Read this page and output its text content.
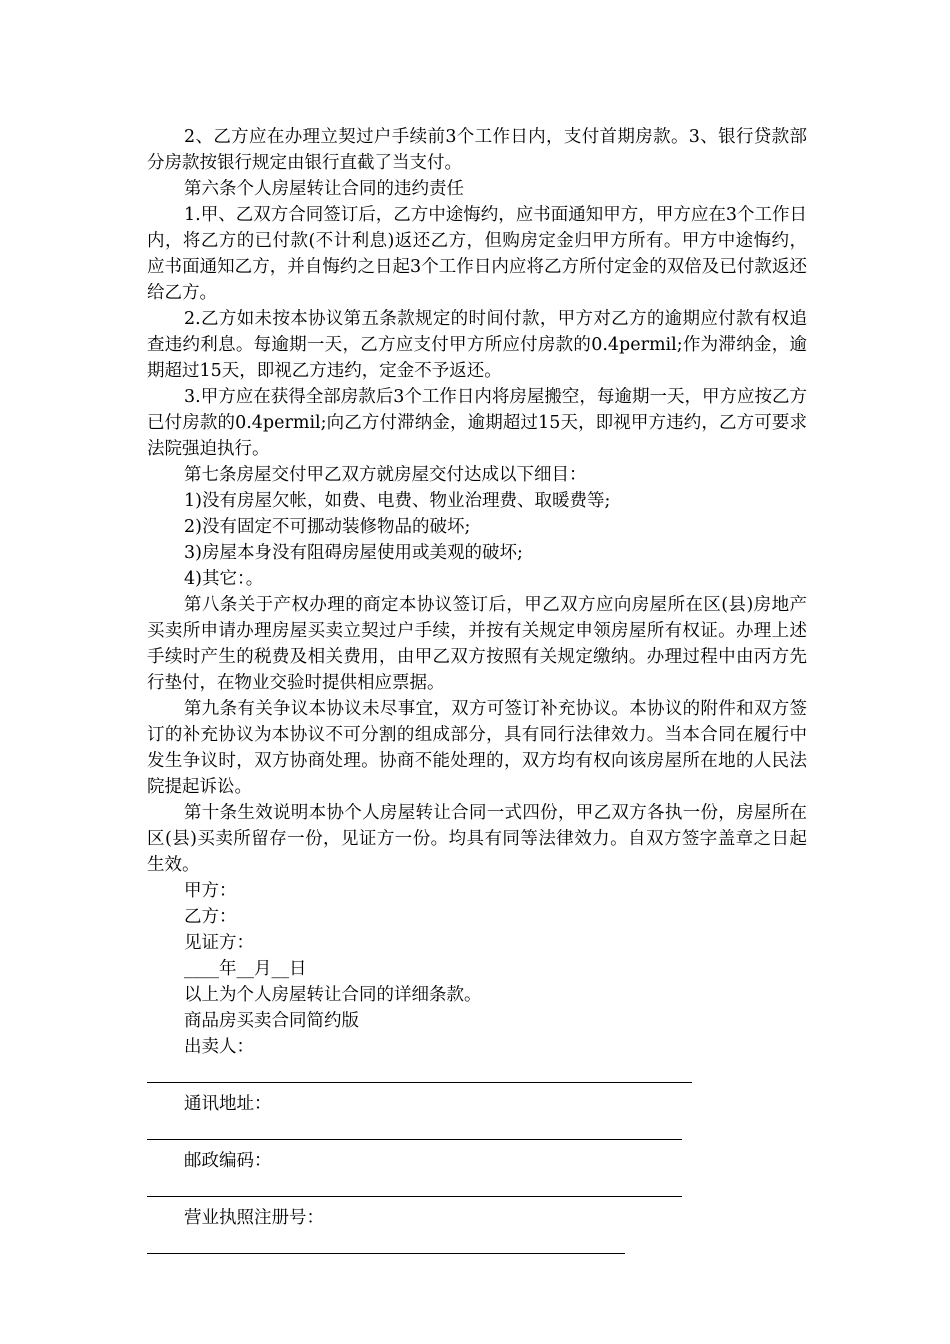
2、乙方应在办理立契过户手续前3个工作日内，支付首期房款。3、银行贷款部分房款按银行规定由银行直截了当支付。

第六条个人房屋转让合同的违约责任

1.甲、乙双方合同签订后，乙方中途悔约，应书面通知甲方，甲方应在3个工作日内，将乙方的已付款(不计利息)返还乙方，但购房定金归甲方所有。甲方中途悔约，应书面通知乙方，并自悔约之日起3个工作日内应将乙方所付定金的双倍及已付款返还给乙方。

2.乙方如未按本协议第五条款规定的时间付款，甲方对乙方的逾期应付款有权追查违约利息。每逾期一天，乙方应支付甲方所应付房款的0.4permil;作为滞纳金，逾期超过15天，即视乙方违约，定金不予返还。

3.甲方应在获得全部房款后3个工作日内将房屋搬空，每逾期一天，甲方应按乙方已付房款的0.4permil;向乙方付滞纳金，逾期超过15天，即视甲方违约，乙方可要求法院强迫执行。

第七条房屋交付甲乙双方就房屋交付达成以下细目：

1)没有房屋欠帐，如费、电费、物业治理费、取暖费等;

2)没有固定不可挪动装修物品的破坏;

3)房屋本身没有阻碍房屋使用或美观的破坏;

4)其它：。

第八条关于产权办理的商定本协议签订后，甲乙双方应向房屋所在区(县)房地产买卖所申请办理房屋买卖立契过户手续，并按有关规定申领房屋所有权证。办理上述手续时产生的税费及相关费用，由甲乙双方按照有关规定缴纳。办理过程中由丙方先行垫付，在物业交验时提供相应票据。

第九条有关争议本协议未尽事宜，双方可签订补充协议。本协议的附件和双方签订的补充协议为本协议不可分割的组成部分，具有同行法律效力。当本合同在履行中发生争议时，双方协商处理。协商不能处理的，双方均有权向该房屋所在地的人民法院提起诉讼。

第十条生效说明本协个人房屋转让合同一式四份，甲乙双方各执一份，房屋所在区(县)买卖所留存一份，见证方一份。均具有同等法律效力。自双方签字盖章之日起生效。

甲方：

乙方：

见证方：

____年__月__日

以上为个人房屋转让合同的详细条款。

商品房买卖合同简约版

出卖人：

通讯地址：

邮政编码：

营业执照注册号：
